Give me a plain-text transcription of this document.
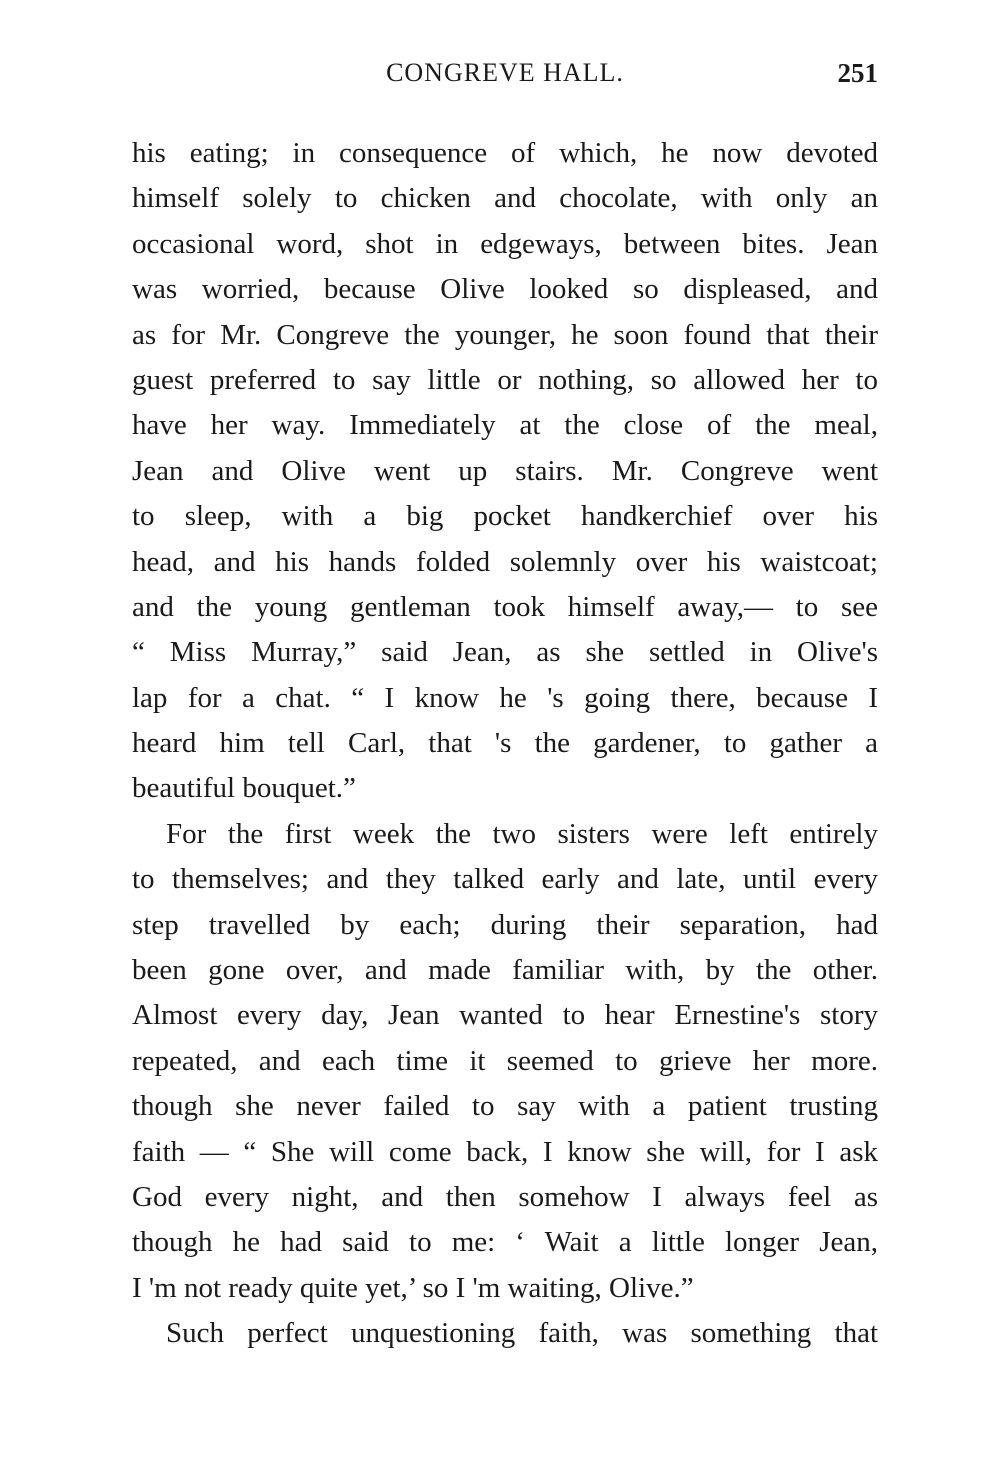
CONGREVE HALL.	251
his eating; in consequence of which, he now devoted
himself solely to chicken and chocolate, with only an
occasional word, shot in edgeways, between bites. Jean
was worried, because Olive looked so displeased, and
as for Mr. Congreve the younger, he soon found that their
guest preferred to say little or nothing, so allowed her to
have her way. Immediately at the close of the meal,
Jean and Olive went up stairs. Mr. Congreve went
to sleep, with a big pocket handkerchief over his
head, and his hands folded solemnly over his waistcoat;
and the young gentleman took himself away,— to see
“ Miss Murray,” said Jean, as she settled in Olive's
lap for a chat. “ I know he 's going there, because I
heard him tell Carl, that 's the gardener, to gather a
beautiful bouquet.”
For the first week the two sisters were left entirely
to themselves; and they talked early and late, until every
step travelled by each; during their separation, had
been gone over, and made familiar with, by the other.
Almost every day, Jean wanted to hear Ernestine's story
repeated, and each time it seemed to grieve her more.
though she never failed to say with a patient trusting
faith — “ She will come back, I know she will, for I ask
God every night, and then somehow I always feel as
though he had said to me: ‘ Wait a little longer Jean,
I 'm not ready quite yet,’ so I 'm waiting, Olive.”
Such perfect unquestioning faith, was something that
